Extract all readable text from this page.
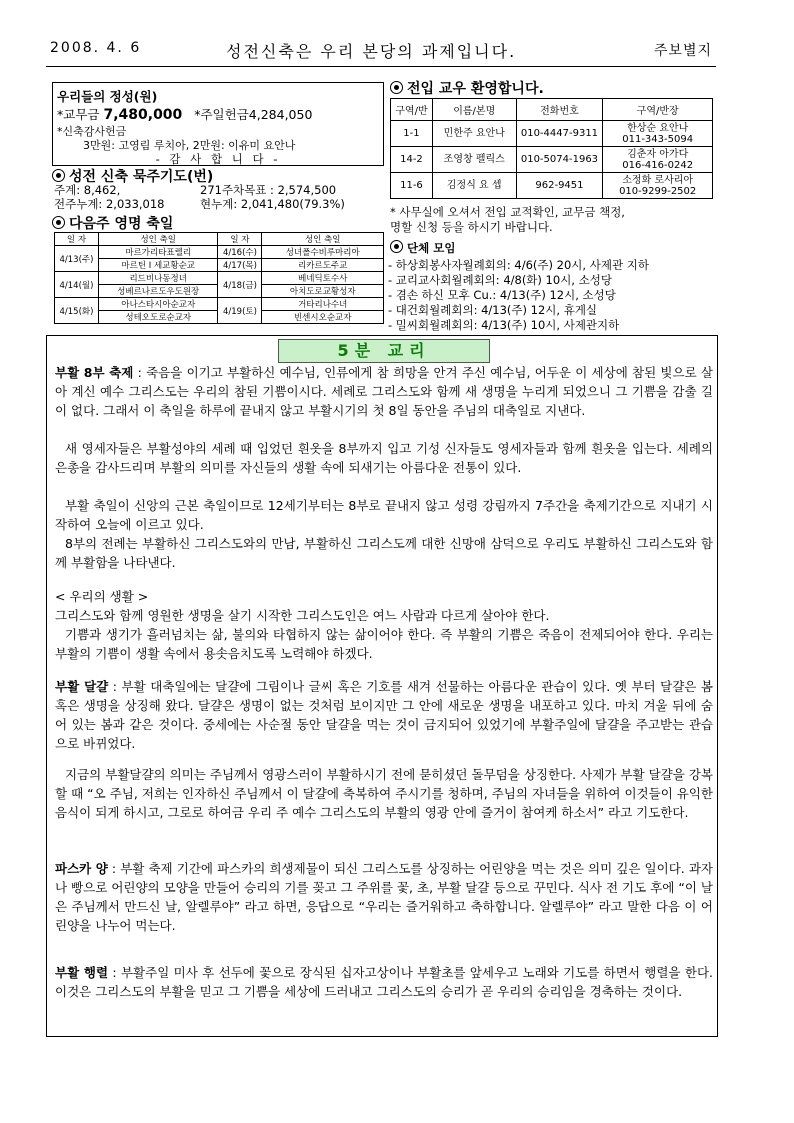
2008. 4. 6	성전신축은 우리 본당의 과제입니다.	주보별지
우리들의 정성(원)
*교무금 7,480,000 *주일헌금4,284,050
*신축감사헌금
3만원: 고영림 루치아, 2만원: 이유미 요안나
- 감 사 합 니 다 -
성전 신축 묵주기도(번)
주계: 8,462,	271주차목표 : 2,574,500
전주누계: 2,033,018	현누계: 2,041,480(79.3%)
다음주 영명 축일
일 자	성인 축일	일 자	성인 축일
4/13(주)	마르가리타표렐리	4/16(수)	성녀폴수비루마리아
	마르틴 I 세교황순교	4/17(목)	리카르도주교
4/14(월)	리드비나동정녀	4/18(금)	베네딕토수사
	성베르나르도우도원장		아치도로교황성자
4/15(화)	아나스타시아순교자	4/19(토)	거타리나수녀
	성테오도로순교자		빈센시오순교자
전입 교우 환영합니다.
구역/반	이름/본명	전화번호	구역/반장
1-1	민한주 요안나	010-4447-9311	한상순 요안나
011-343-5094

14-2	조영창 펠릭스	010-5074-1963	김춘자 아가다
016-416-0242

11-6	김정식 요 셉	962-9451	소정화 로사리아
010-9299-2502
* 사무실에 오셔서 전입 교적확인, 교무금 책정,
명할 신청 등을 하시기 바랍니다.
단체 모임
- 하상회봉사자월례회의: 4/6(주) 20시, 사제관 지하
- 교리교사회월례회의: 4/8(화) 10시, 소성당
- 겸손 하신 모후 Cu.: 4/13(주) 12시, 소성당
- 대건회월례회의: 4/13(주) 12시, 휴게실
- 밀씨회월례회의: 4/13(주) 10시, 사제관지하
5분 교리

부활 8부 축제 : 죽음을 이기고 부활하신 예수님, 인류에게 참 희망을 안겨 주신 예수님, 어두운 이 세상에 참된 빛으로 살아 계신 예수 그리스도는 우리의 참된 기쁨이시다. 세례로 그리스도와 함께 새 생명을 누리게 되었으니 그 기쁨을 감출 길이 없다. 그래서 이 축일을 하루에 끝내지 않고 부활시기의 첫 8일 동안을 주님의 대축일로 지낸다.

새 영세자들은 부활성야의 세례 때 입었던 흰옷을 8부까지 입고 기성 신자들도 영세자들과 함께 흰옷을 입는다. 세례의 은총을 감사드리며 부활의 의미를 자신들의 생활 속에 되새기는 아름다운 전통이 있다.

부활 축일이 신앙의 근본 축일이므로 12세기부터는 8부로 끝내지 않고 성령 강림까지 7주간을 축제기간으로 지내기 시작하여 오늘에 이르고 있다.

8부의 전례는 부활하신 그리스도와의 만남, 부활하신 그리스도께 대한 신망애 삼덕으로 우리도 부활하신 그리스도와 함께 부활함을 나타낸다.

< 우리의 생활 >

그리스도와 함께 영원한 생명을 살기 시작한 그리스도인은 여느 사람과 다르게 살아야 한다.

기쁨과 생기가 흘러넘치는 삶, 불의와 타협하지 않는 삶이어야 한다. 즉 부활의 기쁨은 죽음이 전제되어야 한다. 우리는 부활의 기쁨이 생활 속에서 용솟음치도록 노력해야 하겠다.

부활 달걀 : 부활 대축일에는 달걀에 그림이나 글씨 혹은 기호를 새겨 선물하는 아름다운 관습이 있다. 옛 부터 달걀은 봄 혹은 생명을 상징해 왔다. 달걀은 생명이 없는 것처럼 보이지만 그 안에 새로운 생명을 내포하고 있다. 마치 겨울 뒤에 숨어 있는 봄과 같은 것이다. 중세에는 사순절 동안 달걀을 먹는 것이 금지되어 있었기에 부활주일에 달걀을 주고받는 관습으로 바뀌었다.

지금의 부활달걀의 의미는 주님께서 영광스러이 부활하시기 전에 묻히셨던 돌무덤을 상징한다. 사제가 부활 달걀을 강복할 때 “오 주님, 저희는 인자하신 주님께서 이 달걀에 축복하여 주시기를 청하며, 주님의 자녀들을 위하여 이것들이 유익한 음식이 되게 하시고, 그로로 하여금 우리 주 예수 그리스도의 부활의 영광 안에 즐거이 참여케 하소서” 라고 기도한다.

파스카 양 : 부활 축제 기간에 파스카의 희생제물이 되신 그리스도를 상징하는 어린양을 먹는 것은 의미 깊은 일이다. 과자나 빵으로 어린양의 모양을 만들어 승리의 기를 꽂고 그 주위를 꽃, 초, 부활 달걀 등으로 꾸민다. 식사 전 기도 후에 “이 날은 주님께서 만드신 날, 알렐루야” 라고 하면, 응답으로 “우리는 즐거워하고 축하합니다. 알렐루야” 라고 말한 다음 이 어린양을 나누어 먹는다.

부활 행렬 : 부활주일 미사 후 선두에 꽃으로 장식된 십자고상이나 부활초를 앞세우고 노래와 기도를 하면서 행렬을 한다. 이것은 그리스도의 부활을 믿고 그 기쁨을 세상에 드러내고 그리스도의 승리가 곧 우리의 승리임을 경축하는 것이다.
